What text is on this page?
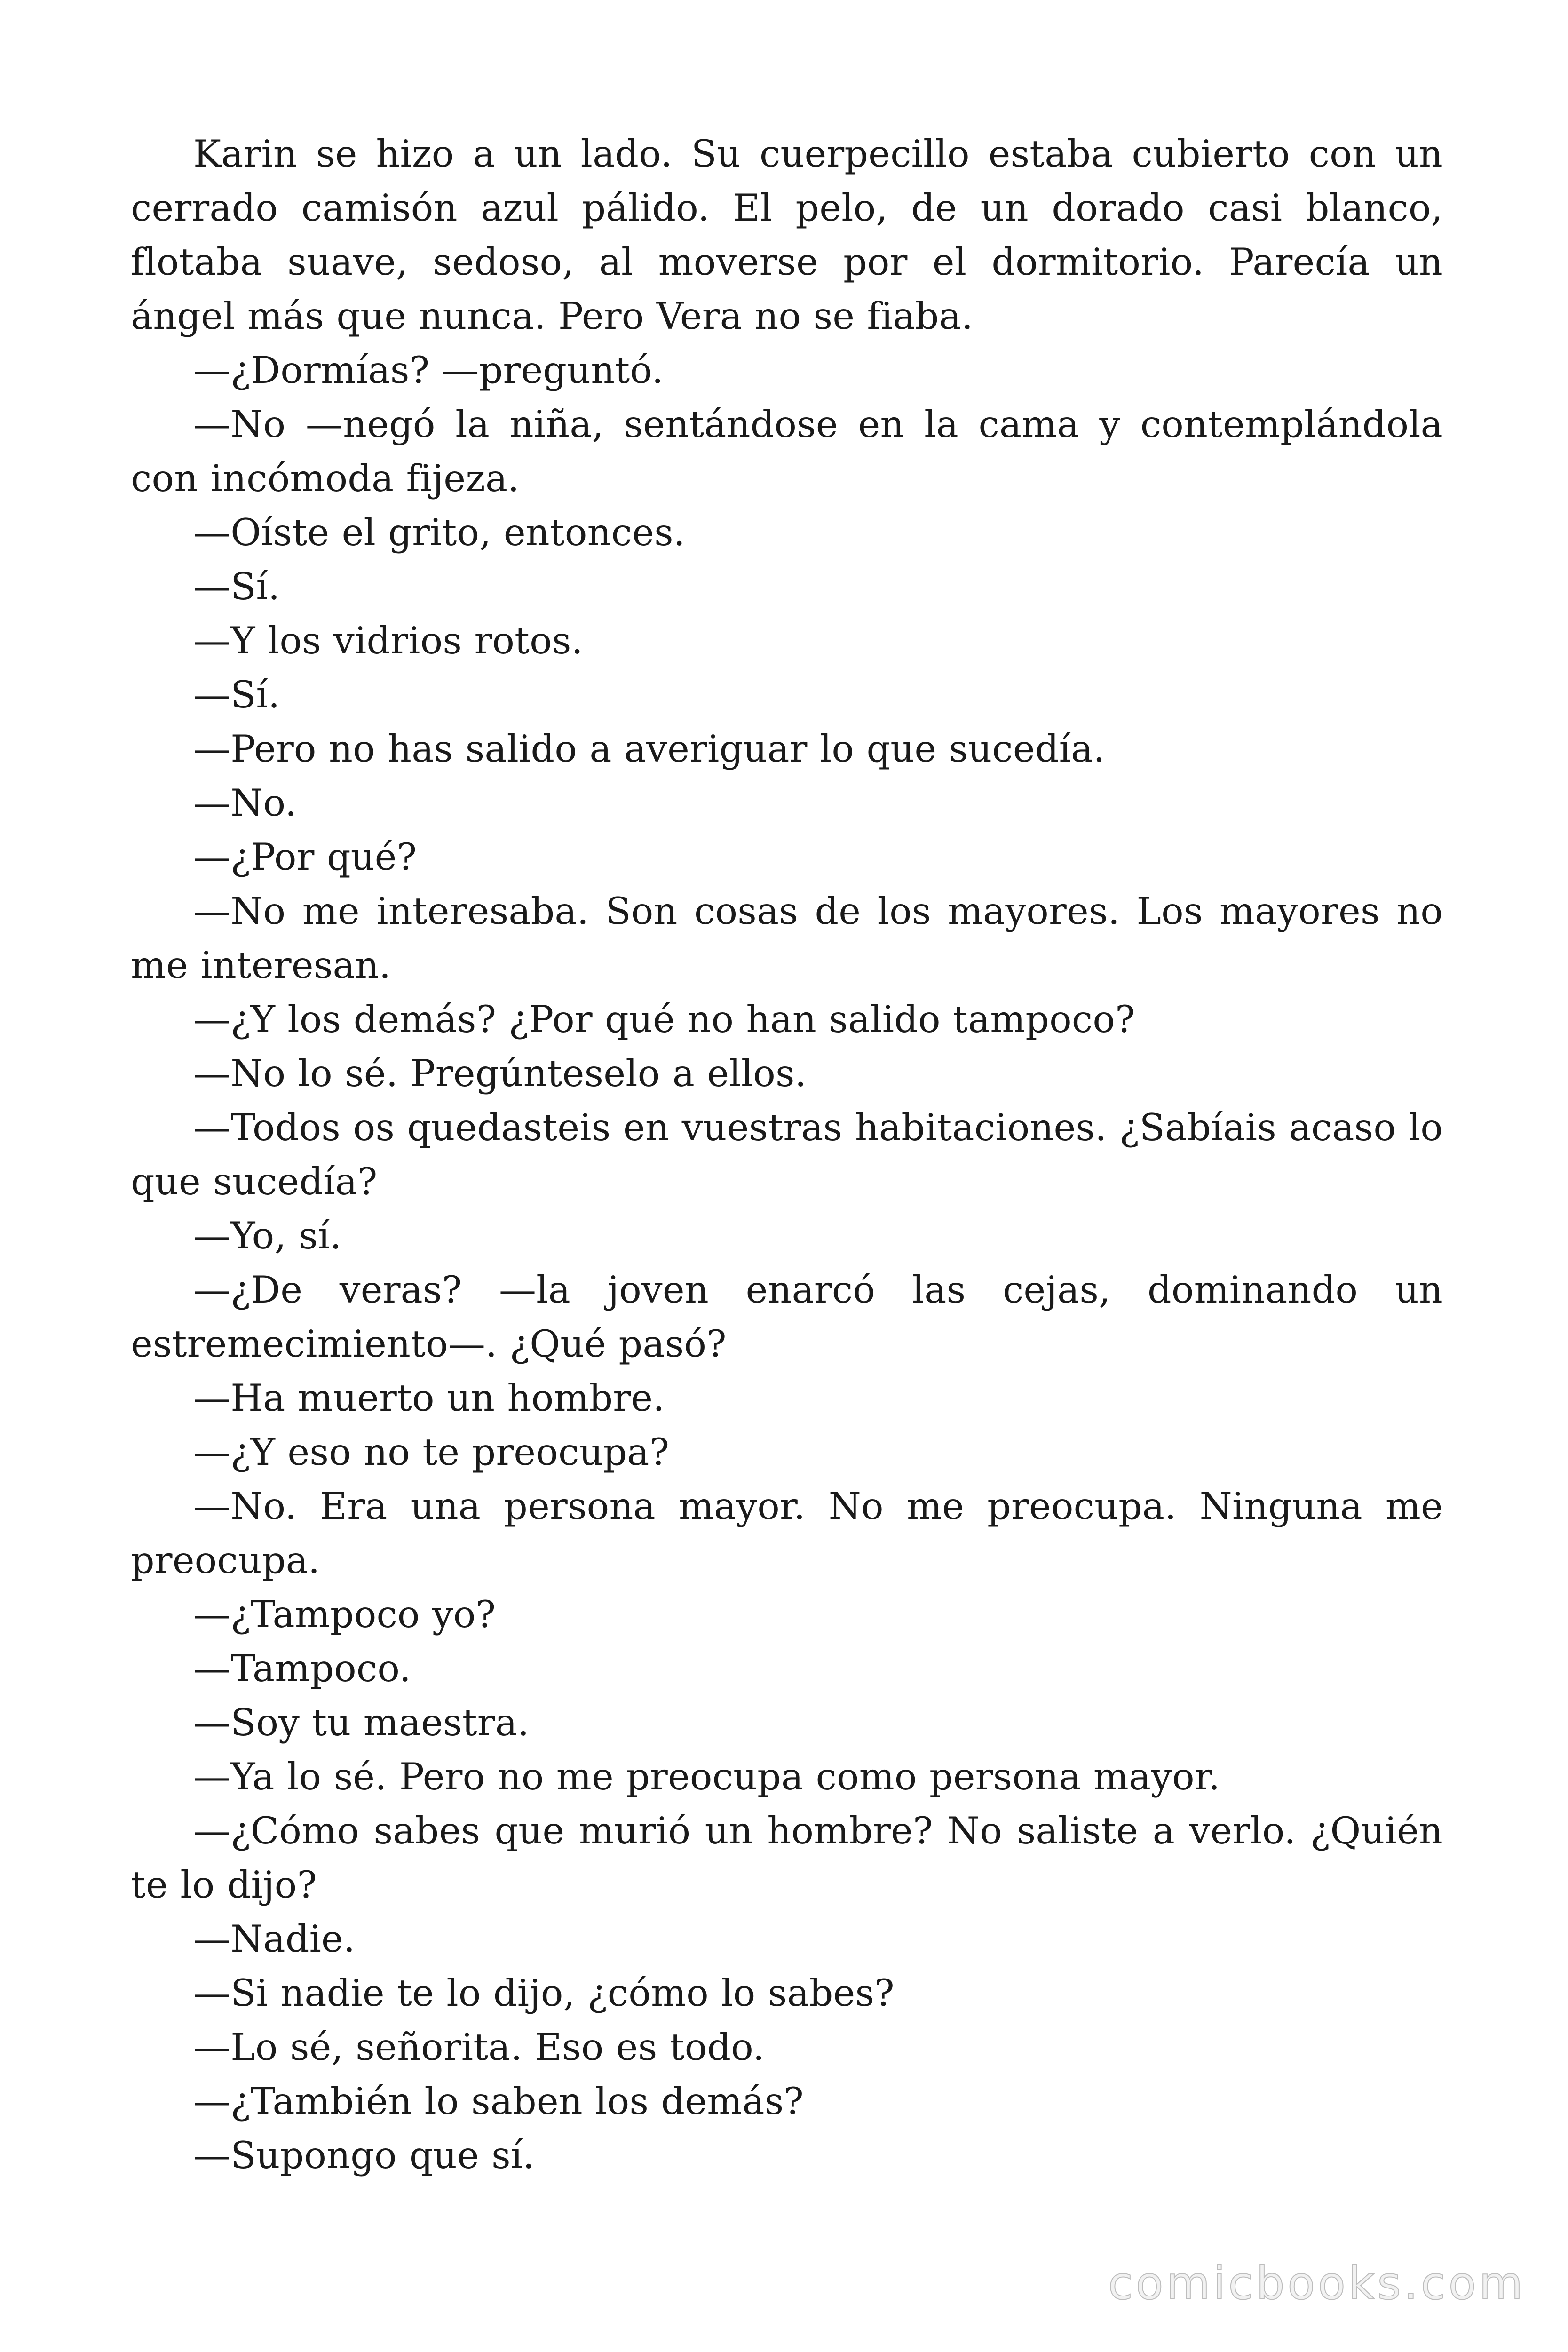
Karin se hizo a un lado. Su cuerpecillo estaba cubierto con un cerrado camisón azul pálido. El pelo, de un dorado casi blanco, flotaba suave, sedoso, al moverse por el dormitorio. Parecía un ángel más que nunca. Pero Vera no se fiaba.

—¿Dormías? —preguntó.

—No —negó la niña, sentándose en la cama y contemplándola con incómoda fijeza.

—Oíste el grito, entonces.

—Sí.

—Y los vidrios rotos.

—Sí.

—Pero no has salido a averiguar lo que sucedía.

—No.

—¿Por qué?

—No me interesaba. Son cosas de los mayores. Los mayores no me interesan.

—¿Y los demás? ¿Por qué no han salido tampoco?

—No lo sé. Pregúnteselo a ellos.

—Todos os quedasteis en vuestras habitaciones. ¿Sabíais acaso lo que sucedía?

—Yo, sí.

—¿De veras? —la joven enarcó las cejas, dominando un estremecimiento—. ¿Qué pasó?

—Ha muerto un hombre.

—¿Y eso no te preocupa?

—No. Era una persona mayor. No me preocupa. Ninguna me preocupa.

—¿Tampoco yo?

—Tampoco.

—Soy tu maestra.

—Ya lo sé. Pero no me preocupa como persona mayor.

—¿Cómo sabes que murió un hombre? No saliste a verlo. ¿Quién te lo dijo?

—Nadie.

—Si nadie te lo dijo, ¿cómo lo sabes?

—Lo sé, señorita. Eso es todo.

—¿También lo saben los demás?

—Supongo que sí.

comicbooks.com
